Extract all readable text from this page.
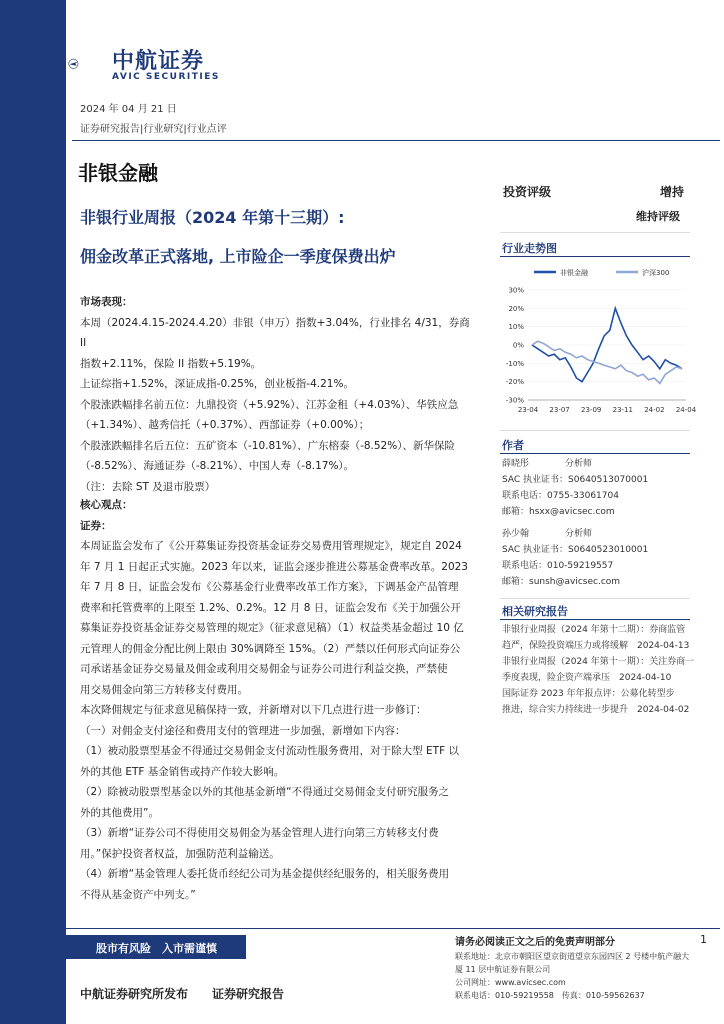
中航证券
AVIC SECURITIES
2024 年 04 月 21 日
证券研究报告|行业研究|行业点评
非银金融
非银行业周报（2024 年第十三期）:
佣金改革正式落地, 上市险企一季度保费出炉
投资评级	增持
维持评级
行业走势图
非银金融	沪深300
30%
20%
10%
0%
-10%
-20%
-30%
23-04 23-07 23-09 23-11 24-02 24-04
作者
薛晓彤　　　　分析师
SAC 执业证书：S0640513070001
联系电话：0755-33061704
邮箱：hsxx@avicsec.com
孙少翰　　　　分析师
SAC 执业证书：S0640523010001
联系电话：010-59219557
邮箱：sunsh@avicsec.com
相关研究报告
非银行业周报（2024 年第十二期）：券商监管
趋严，保险投资端压力或将缓解　2024-04-13
非银行业周报（2024 年第十一期）：关注券商一
季度表现，险企资产端承压　2024-04-10
国际证券 2023 年年报点评：公募化转型步
推进，综合实力持续进一步提升　2024-04-02

市场表现：

本周（2024.4.15-2024.4.20）非银（申万）指数+3.04%，行业排名 4/31，券商 II

指数+2.11%，保险 II 指数+5.19%。

上证综指+1.52%，深证成指-0.25%，创业板指-4.21%。

个股涨跌幅排名前五位：九鼎投资（+5.92%）、江苏金租（+4.03%）、华铁应急

（+1.34%）、越秀信托（+0.37%）、西部证券（+0.00%）；

个股涨跌幅排名后五位：五矿资本（-10.81%）、广东榕泰（-8.52%）、新华保险

（-8.52%）、海通证券（-8.21%）、中国人寿（-8.17%）。

（注：去除 ST 及退市股票）

核心观点：

证券：

本周证监会发布了《公开募集证券投资基金证券交易费用管理规定》，规定自 2024

年 7 月 1 日起正式实施。2023 年以来，证监会逐步推进公募基金费率改革。2023

年 7 月 8 日，证监会发布《公募基金行业费率改革工作方案》，下调基金产品管理

费率和托管费率的上限至 1.2%、0.2%。12 月 8 日，证监会发布《关于加强公开

募集证券投资基金证券交易管理的规定》（征求意见稿）（1）权益类基金超过 10 亿

元管理人的佣金分配比例上限由 30%调降至 15%。（2）严禁以任何形式向证券公

司承诺基金证券交易量及佣金或利用交易佣金与证券公司进行利益交换，严禁使

用交易佣金向第三方转移支付费用。

本次降佣规定与征求意见稿保持一致，并新增对以下几点进行进一步修订：

（一）对佣金支付途径和费用支付的管理进一步加强，新增如下内容：

（1）被动股票型基金不得通过交易佣金支付流动性服务费用，对于除大型 ETF 以

外的其他 ETF 基金销售或持产作较大影响。

（2）除被动股票型基金以外的其他基金新增“不得通过交易佣金支付研究服务之

外的其他费用”。

（3）新增“证券公司不得使用交易佣金为基金管理人进行向第三方转移支付费

用。”保护投资者权益，加强防范利益输送。

（4）新增“基金管理人委托货币经纪公司为基金提供经纪服务的，相关服务费用

不得从基金资产中列支。”

股市有风险　入市需谨慎	请务必阅读正文之后的免责声明部分	1
联系地址：北京市朝阳区望京街道望京东园四区 2 号楼中航产融大
厦 11 层中航证券有限公司
公司网址：www.avicsec.com
联系电话：010-59219558　传真：010-59562637
中航证券研究所发布　　证券研究报告
